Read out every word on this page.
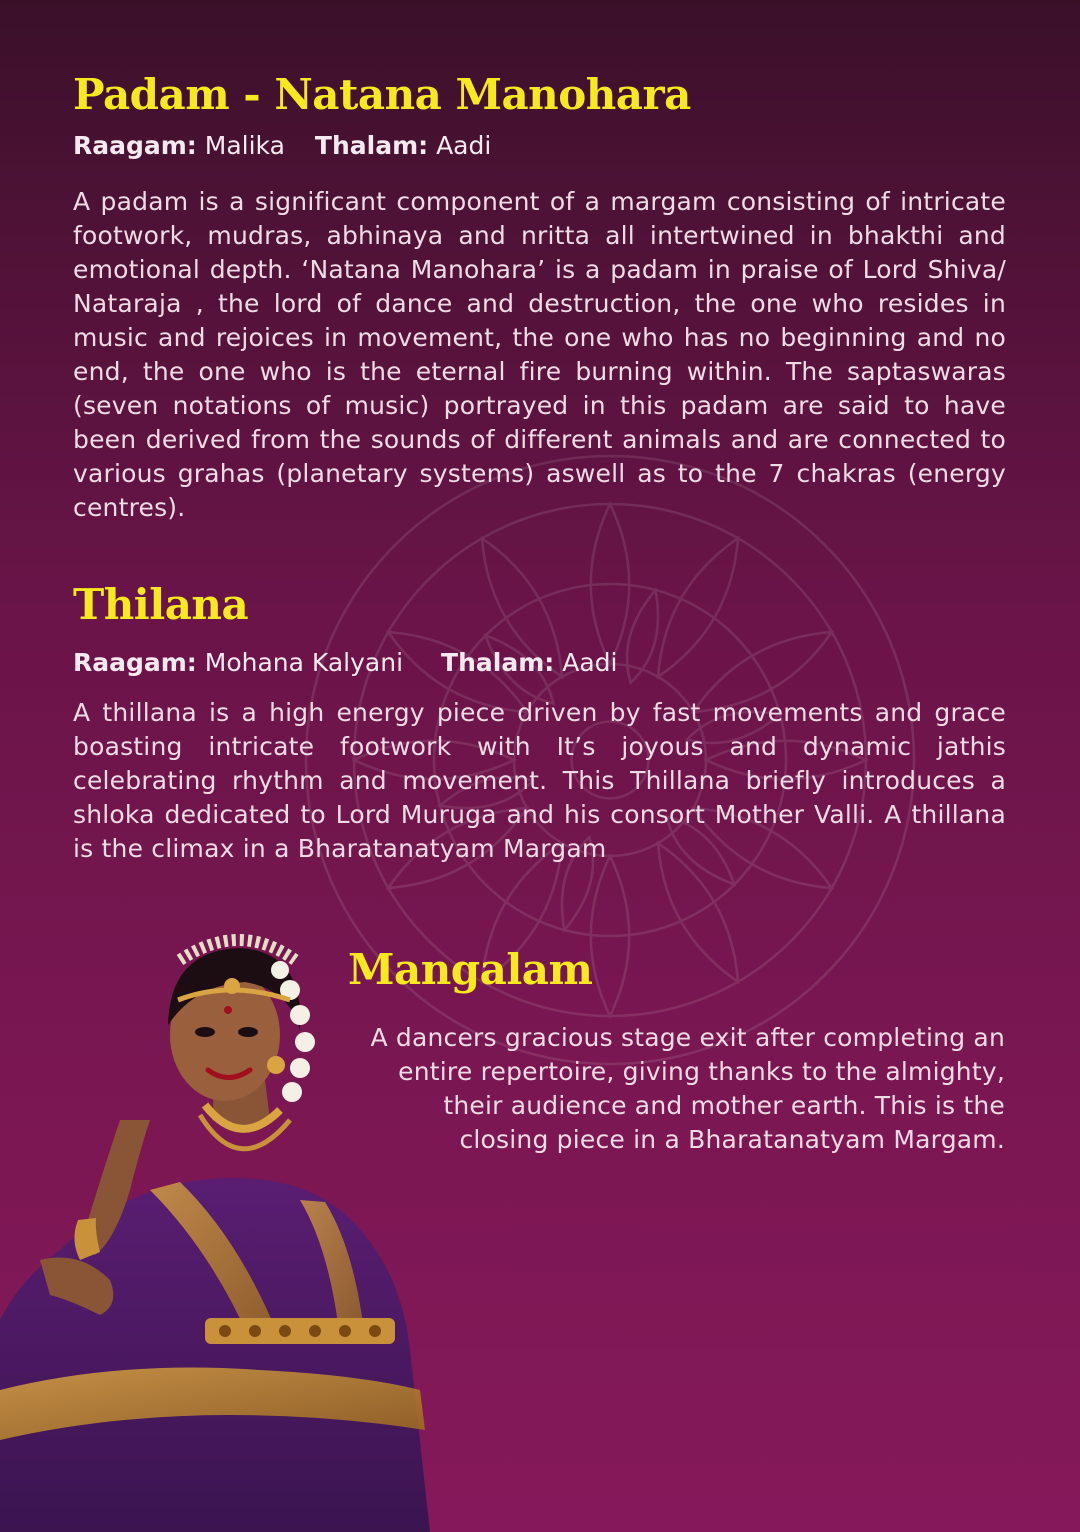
Padam - Natana Manohara

Raagam: Malika Thalam: Aadi

A padam is a significant component of a margam consisting of intricate footwork, mudras, abhinaya and nritta all intertwined in bhakthi and emotional depth. ‘Natana Manohara’ is a padam in praise of Lord Shiva/ Nataraja , the lord of dance and destruction, the one who resides in music and rejoices in movement, the one who has no beginning and no end, the one who is the eternal fire burning within. The saptaswaras (seven notations of music) portrayed in this padam are said to have been derived from the sounds of different animals and are connected to various grahas (planetary systems) aswell as to the 7 chakras (energy centres).

Thilana

Raagam: Mohana Kalyani Thalam: Aadi

A thillana is a high energy piece driven by fast movements and grace boasting intricate footwork with It’s joyous and dynamic jathis celebrating rhythm and movement. This Thillana briefly introduces a shloka dedicated to Lord Muruga and his consort Mother Valli. A thillana is the climax in a Bharatanatyam Margam

Mangalam

A dancers gracious stage exit after completing an
entire repertoire, giving thanks to the almighty,
their audience and mother earth. This is the
closing piece in a Bharatanatyam Margam.
